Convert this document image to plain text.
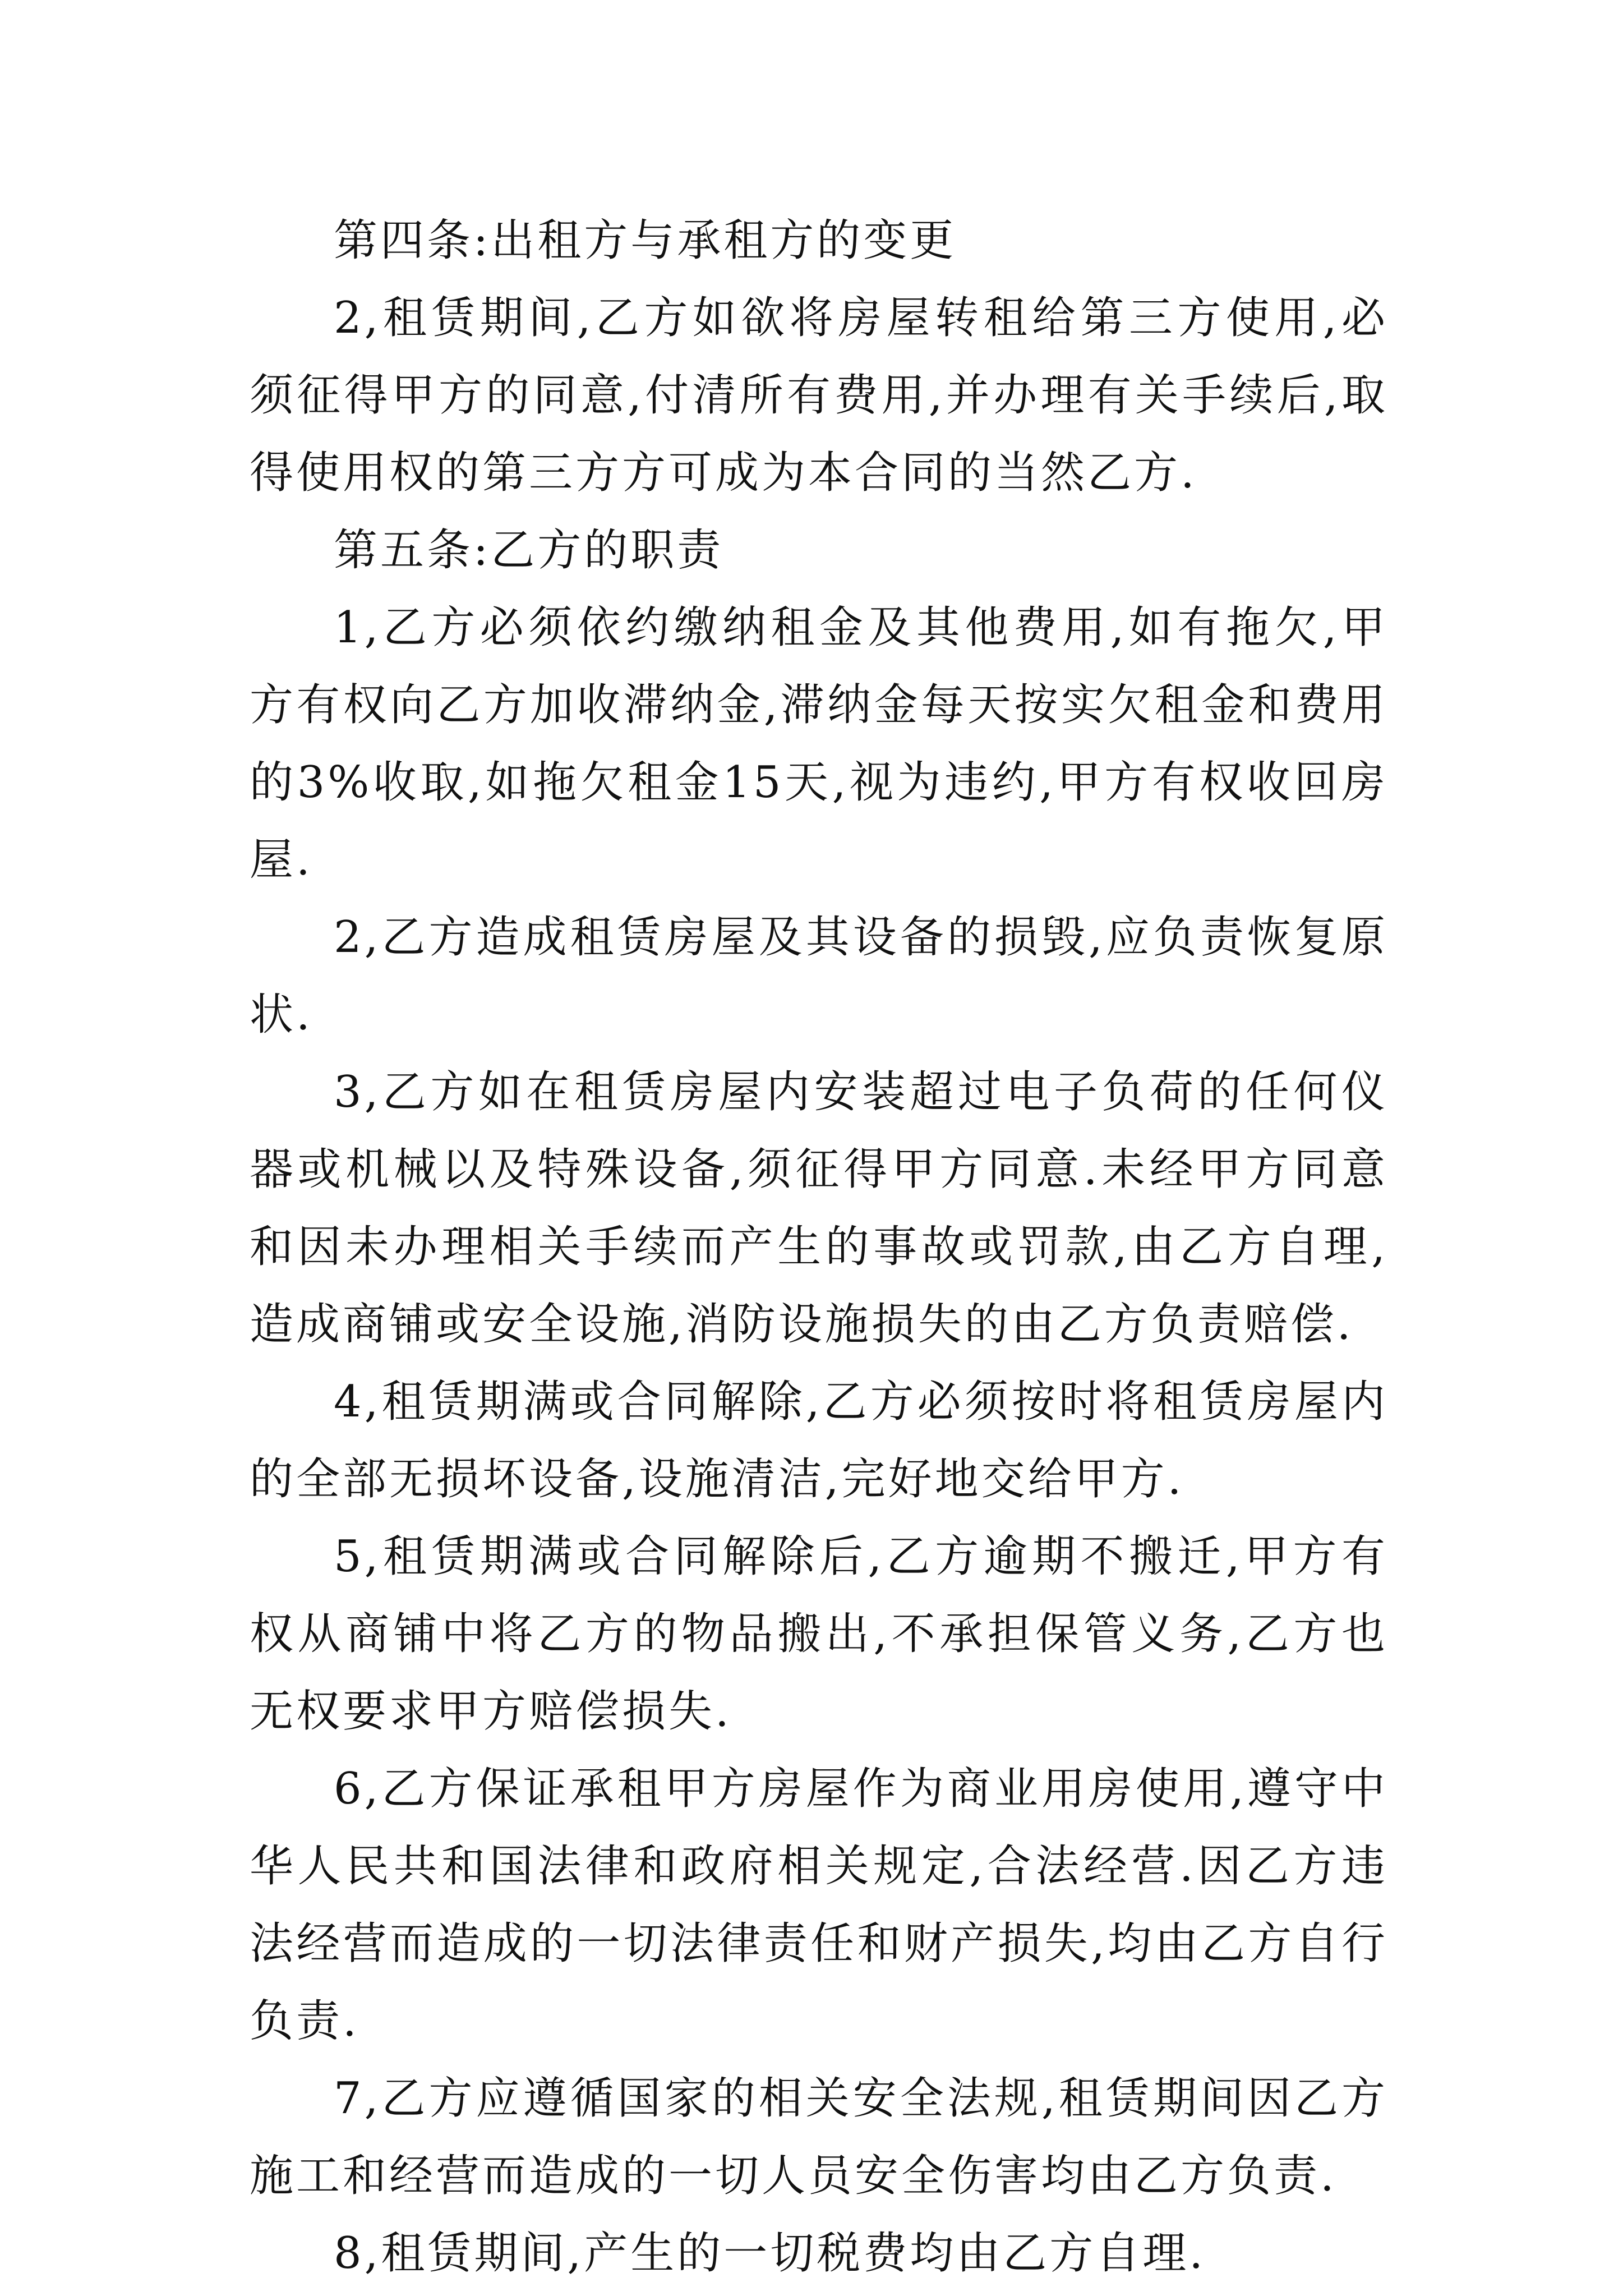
第四条:出租方与承租方的变更

2,租赁期间,乙方如欲将房屋转租给第三方使用,必须征得甲方的同意,付清所有费用,并办理有关手续后,取得使用权的第三方方可成为本合同的当然乙方.

第五条:乙方的职责

1,乙方必须依约缴纳租金及其他费用,如有拖欠,甲方有权向乙方加收滞纳金,滞纳金每天按实欠租金和费用的3%收取,如拖欠租金15天,视为违约,甲方有权收回房屋.

2,乙方造成租赁房屋及其设备的损毁,应负责恢复原状.

3,乙方如在租赁房屋内安装超过电子负荷的任何仪器或机械以及特殊设备,须征得甲方同意.未经甲方同意和因未办理相关手续而产生的事故或罚款,由乙方自理,造成商铺或安全设施,消防设施损失的由乙方负责赔偿.

4,租赁期满或合同解除,乙方必须按时将租赁房屋内的全部无损坏设备,设施清洁,完好地交给甲方.

5,租赁期满或合同解除后,乙方逾期不搬迁,甲方有权从商铺中将乙方的物品搬出,不承担保管义务,乙方也无权要求甲方赔偿损失.

6,乙方保证承租甲方房屋作为商业用房使用,遵守中华人民共和国法律和政府相关规定,合法经营.因乙方违法经营而造成的一切法律责任和财产损失,均由乙方自行负责.

7,乙方应遵循国家的相关安全法规,租赁期间因乙方施工和经营而造成的一切人员安全伤害均由乙方负责.

8,租赁期间,产生的一切税费均由乙方自理.
